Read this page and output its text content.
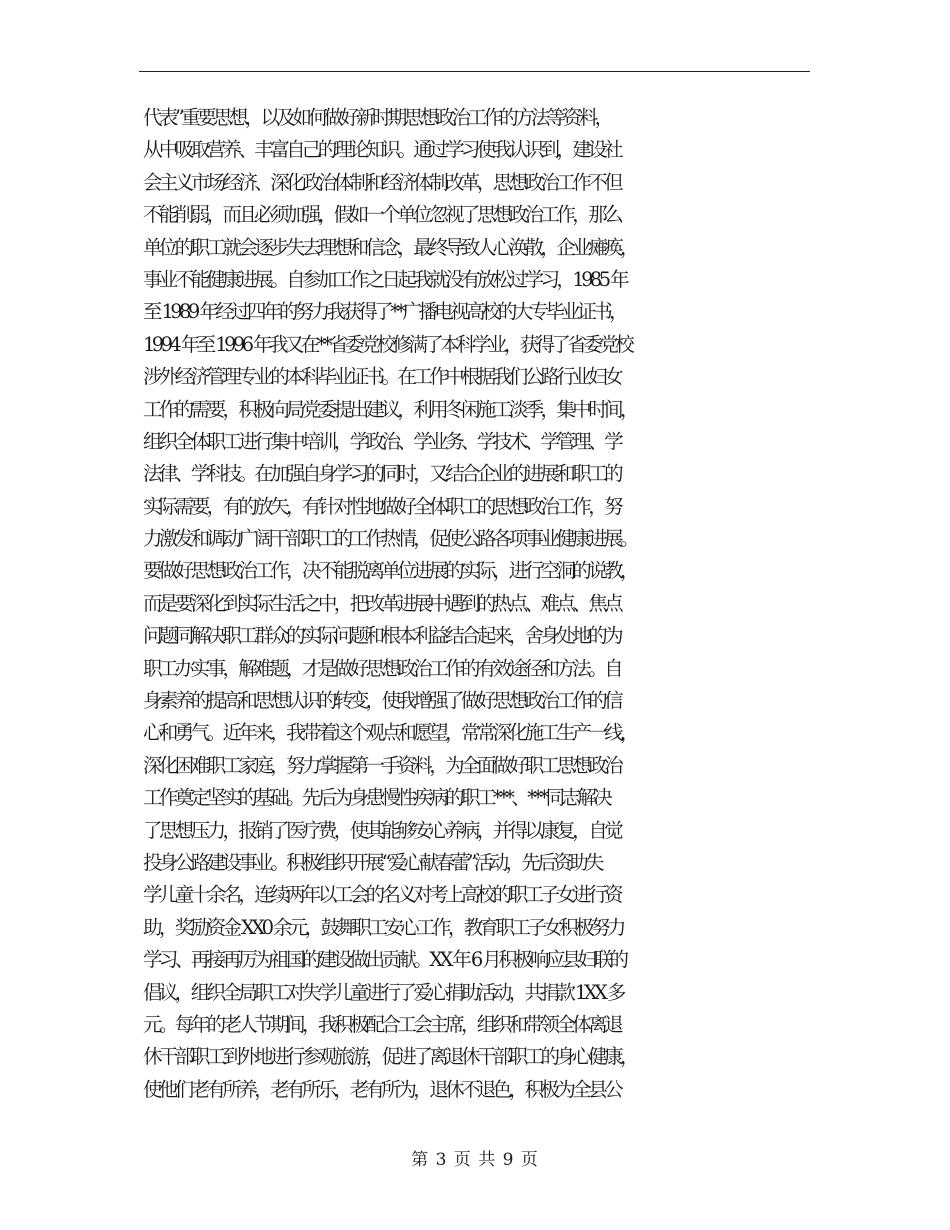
代表”重要思想，以及如何做好新时期思想政治工作的方法等资料，
从中吸取营养、丰富自己的理论知识。通过学习使我认识到，建设社
会主义市场经济、深化政治体制和经济体制改革，思想政治工作不但
不能削弱，而且必须加强，假如一个单位忽视了思想政治工作，那么
单位的职工就会逐步失去理想和信念，最终导致人心涣散，企业瘫痪，
事业不能健康进展。自参加工作之日起我就没有放松过学习，1985 年
至 1989 年经过四年的努力我获得了**广播电视高校的大专毕业证书，
1994 年至 1996 年我又在**省委党校修满了本科学业，获得了省委党校
涉外经济管理专业的本科毕业证书。在工作中根据我们公路行业妇女
工作的需要，积极向局党委提出建议，利用冬闲施工淡季，集中时间，
组织全体职工进行集中培训，学政治、学业务、学技术、学管理、学
法律、学科技。在加强自身学习的同时，又结合企业的进展和职工的
实际需要，有的放矢，有针对性地做好全体职工的思想政治工作，努
力激发和调动广阔干部职工的工作热情，促使公路各项事业健康进展。
要做好思想政治工作，决不能脱离单位进展的实际，进行空洞的说教，
而是要深化到实际生活之中，把改革进展中遇到的热点、难点、焦点
问题同解决职工群众的实际问题和根本利益结合起来，舍身处地的为
职工办实事，解难题，才是做好思想政治工作的有效途径和方法。自
身素养的提高和思想认识的转变，使我增强了做好思想政治工作的信
心和勇气。近年来，我带着这个观点和愿望，常常深化施工生产一线，
深化困难职工家庭，努力掌握第一手资料，为全面做好职工思想政治
工作奠定坚实的基础。先后为身患慢性疾病的职工***、***同志解决
了思想压力，报销了医疗费，使其能够安心养病，并得以康复，自觉
投身公路建设事业。积极组织开展“爱心献春蕾”活动，先后资助失
学儿童十余名，连续两年以工会的名义对考上高校的职工子女进行资
助，奖励资金 XX0 余元，鼓舞职工安心工作，教育职工子女积极努力
学习、再接再厉为祖国的建设做出贡献。XX 年 6 月积极响应县妇联的
倡议，组织全局职工对失学儿童进行了爱心捐助活动，共捐款 1XX 多
元。每年的老人节期间，我积极配合工会主席，组织和带领全体离退
休干部职工到外地进行参观旅游，促进了离退休干部职工的身心健康，
使他们老有所养，老有所乐，老有所为，退休不退色，积极为全县公
第 3 页 共 9 页
